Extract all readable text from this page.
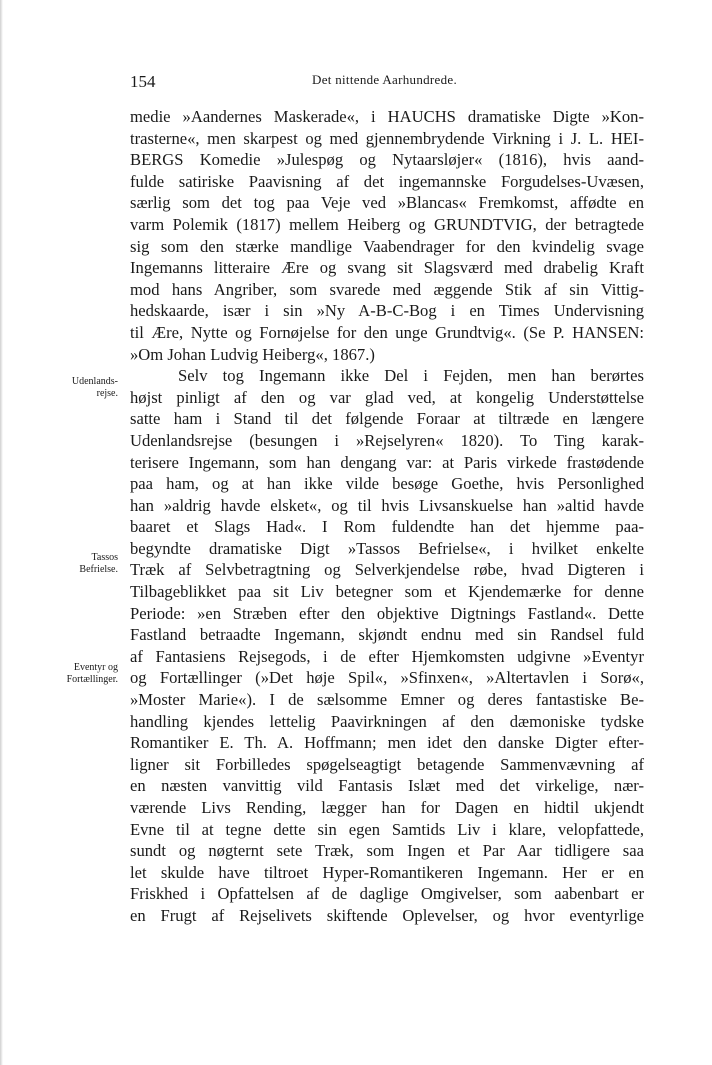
154	Det nittende Aarhundrede.
Udenlands-
rejse.
Tassos
Befrielse.
Eventyr og
Fortællinger.
medie »Aandernes Maskerade«, i HAUCHS dramatiske Digte »Kon-
trasterne«, men skarpest og med gjennembrydende Virkning i J. L. HEI-
BERGS Komedie »Julespøg og Nytaarsløjer« (1816), hvis aand-
fulde satiriske Paavisning af det ingemannske Forgudelses-Uvæsen,
særlig som det tog paa Veje ved »Blancas« Fremkomst, affødte en
varm Polemik (1817) mellem Heiberg og GRUNDTVIG, der betragtede
sig som den stærke mandlige Vaabendrager for den kvindelig svage
Ingemanns litteraire Ære og svang sit Slagsværd med drabelig Kraft
mod hans Angriber, som svarede med æggende Stik af sin Vittig-
hedskaarde, især i sin »Ny A-B-C-Bog i en Times Undervisning
til Ære, Nytte og Fornøjelse for den unge Grundtvig«. (Se P. HANSEN:
»Om Johan Ludvig Heiberg«, 1867.)
Selv tog Ingemann ikke Del i Fejden, men han berørtes
højst pinligt af den og var glad ved, at kongelig Understøttelse
satte ham i Stand til det følgende Foraar at tiltræde en længere
Udenlandsrejse (besungen i »Rejselyren« 1820). To Ting karak-
terisere Ingemann, som han dengang var: at Paris virkede frastødende
paa ham, og at han ikke vilde besøge Goethe, hvis Personlighed
han »aldrig havde elsket«, og til hvis Livsanskuelse han »altid havde
baaret et Slags Had«. I Rom fuldendte han det hjemme paa-
begyndte dramatiske Digt »Tassos Befrielse«, i hvilket enkelte
Træk af Selvbetragtning og Selverkjendelse røbe, hvad Digteren i
Tilbageblikket paa sit Liv betegner som et Kjendemærke for denne
Periode: »en Stræben efter den objektive Digtnings Fastland«. Dette
Fastland betraadte Ingemann, skjøndt endnu med sin Randsel fuld
af Fantasiens Rejsegods, i de efter Hjemkomsten udgivne »Eventyr
og Fortællinger (»Det høje Spil«, »Sfinxen«, »Altertavlen i Sorø«,
»Moster Marie«). I de sælsomme Emner og deres fantastiske Be-
handling kjendes lettelig Paavirkningen af den dæmoniske tydske
Romantiker E. Th. A. Hoffmann; men idet den danske Digter efter-
ligner sit Forbilledes spøgelseagtigt betagende Sammenvævning af
en næsten vanvittig vild Fantasis Islæt med det virkelige, nær-
værende Livs Rending, lægger han for Dagen en hidtil ukjendt
Evne til at tegne dette sin egen Samtids Liv i klare, velopfattede,
sundt og nøgternt sete Træk, som Ingen et Par Aar tidligere saa
let skulde have tiltroet Hyper-Romantikeren Ingemann. Her er en
Friskhed i Opfattelsen af de daglige Omgivelser, som aabenbart er
en Frugt af Rejselivets skiftende Oplevelser, og hvor eventyrlige
